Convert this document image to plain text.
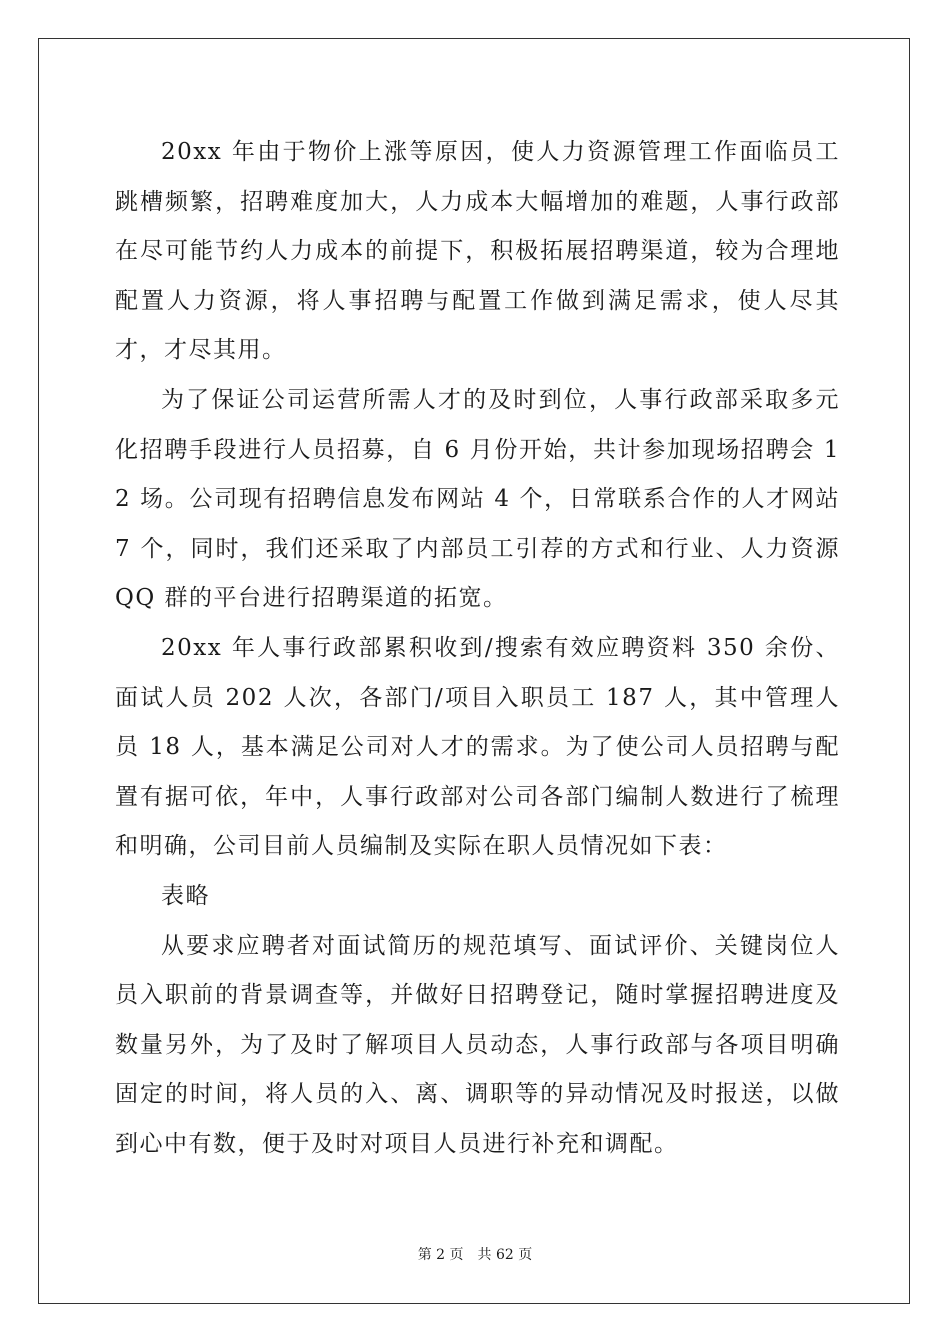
20xx 年由于物价上涨等原因，使人力资源管理工作面临员工跳槽频繁，招聘难度加大，人力成本大幅增加的难题，人事行政部在尽可能节约人力成本的前提下，积极拓展招聘渠道，较为合理地配置人力资源，将人事招聘与配置工作做到满足需求，使人尽其才，才尽其用。

为了保证公司运营所需人才的及时到位，人事行政部采取多元化招聘手段进行人员招募，自 6 月份开始，共计参加现场招聘会 12 场。公司现有招聘信息发布网站 4 个，日常联系合作的人才网站 7 个，同时，我们还采取了内部员工引荐的方式和行业、人力资源 QQ 群的平台进行招聘渠道的拓宽。

20xx 年人事行政部累积收到/搜索有效应聘资料 350 余份、面试人员 202 人次，各部门/项目入职员工 187 人，其中管理人员 18 人，基本满足公司对人才的需求。为了使公司人员招聘与配置有据可依，年中，人事行政部对公司各部门编制人数进行了梳理和明确，公司目前人员编制及实际在职人员情况如下表：

表略

从要求应聘者对面试简历的规范填写、面试评价、关键岗位人员入职前的背景调查等，并做好日招聘登记，随时掌握招聘进度及数量另外，为了及时了解项目人员动态，人事行政部与各项目明确固定的时间，将人员的入、离、调职等的异动情况及时报送，以做到心中有数，便于及时对项目人员进行补充和调配。

第 2 页 共 62 页
